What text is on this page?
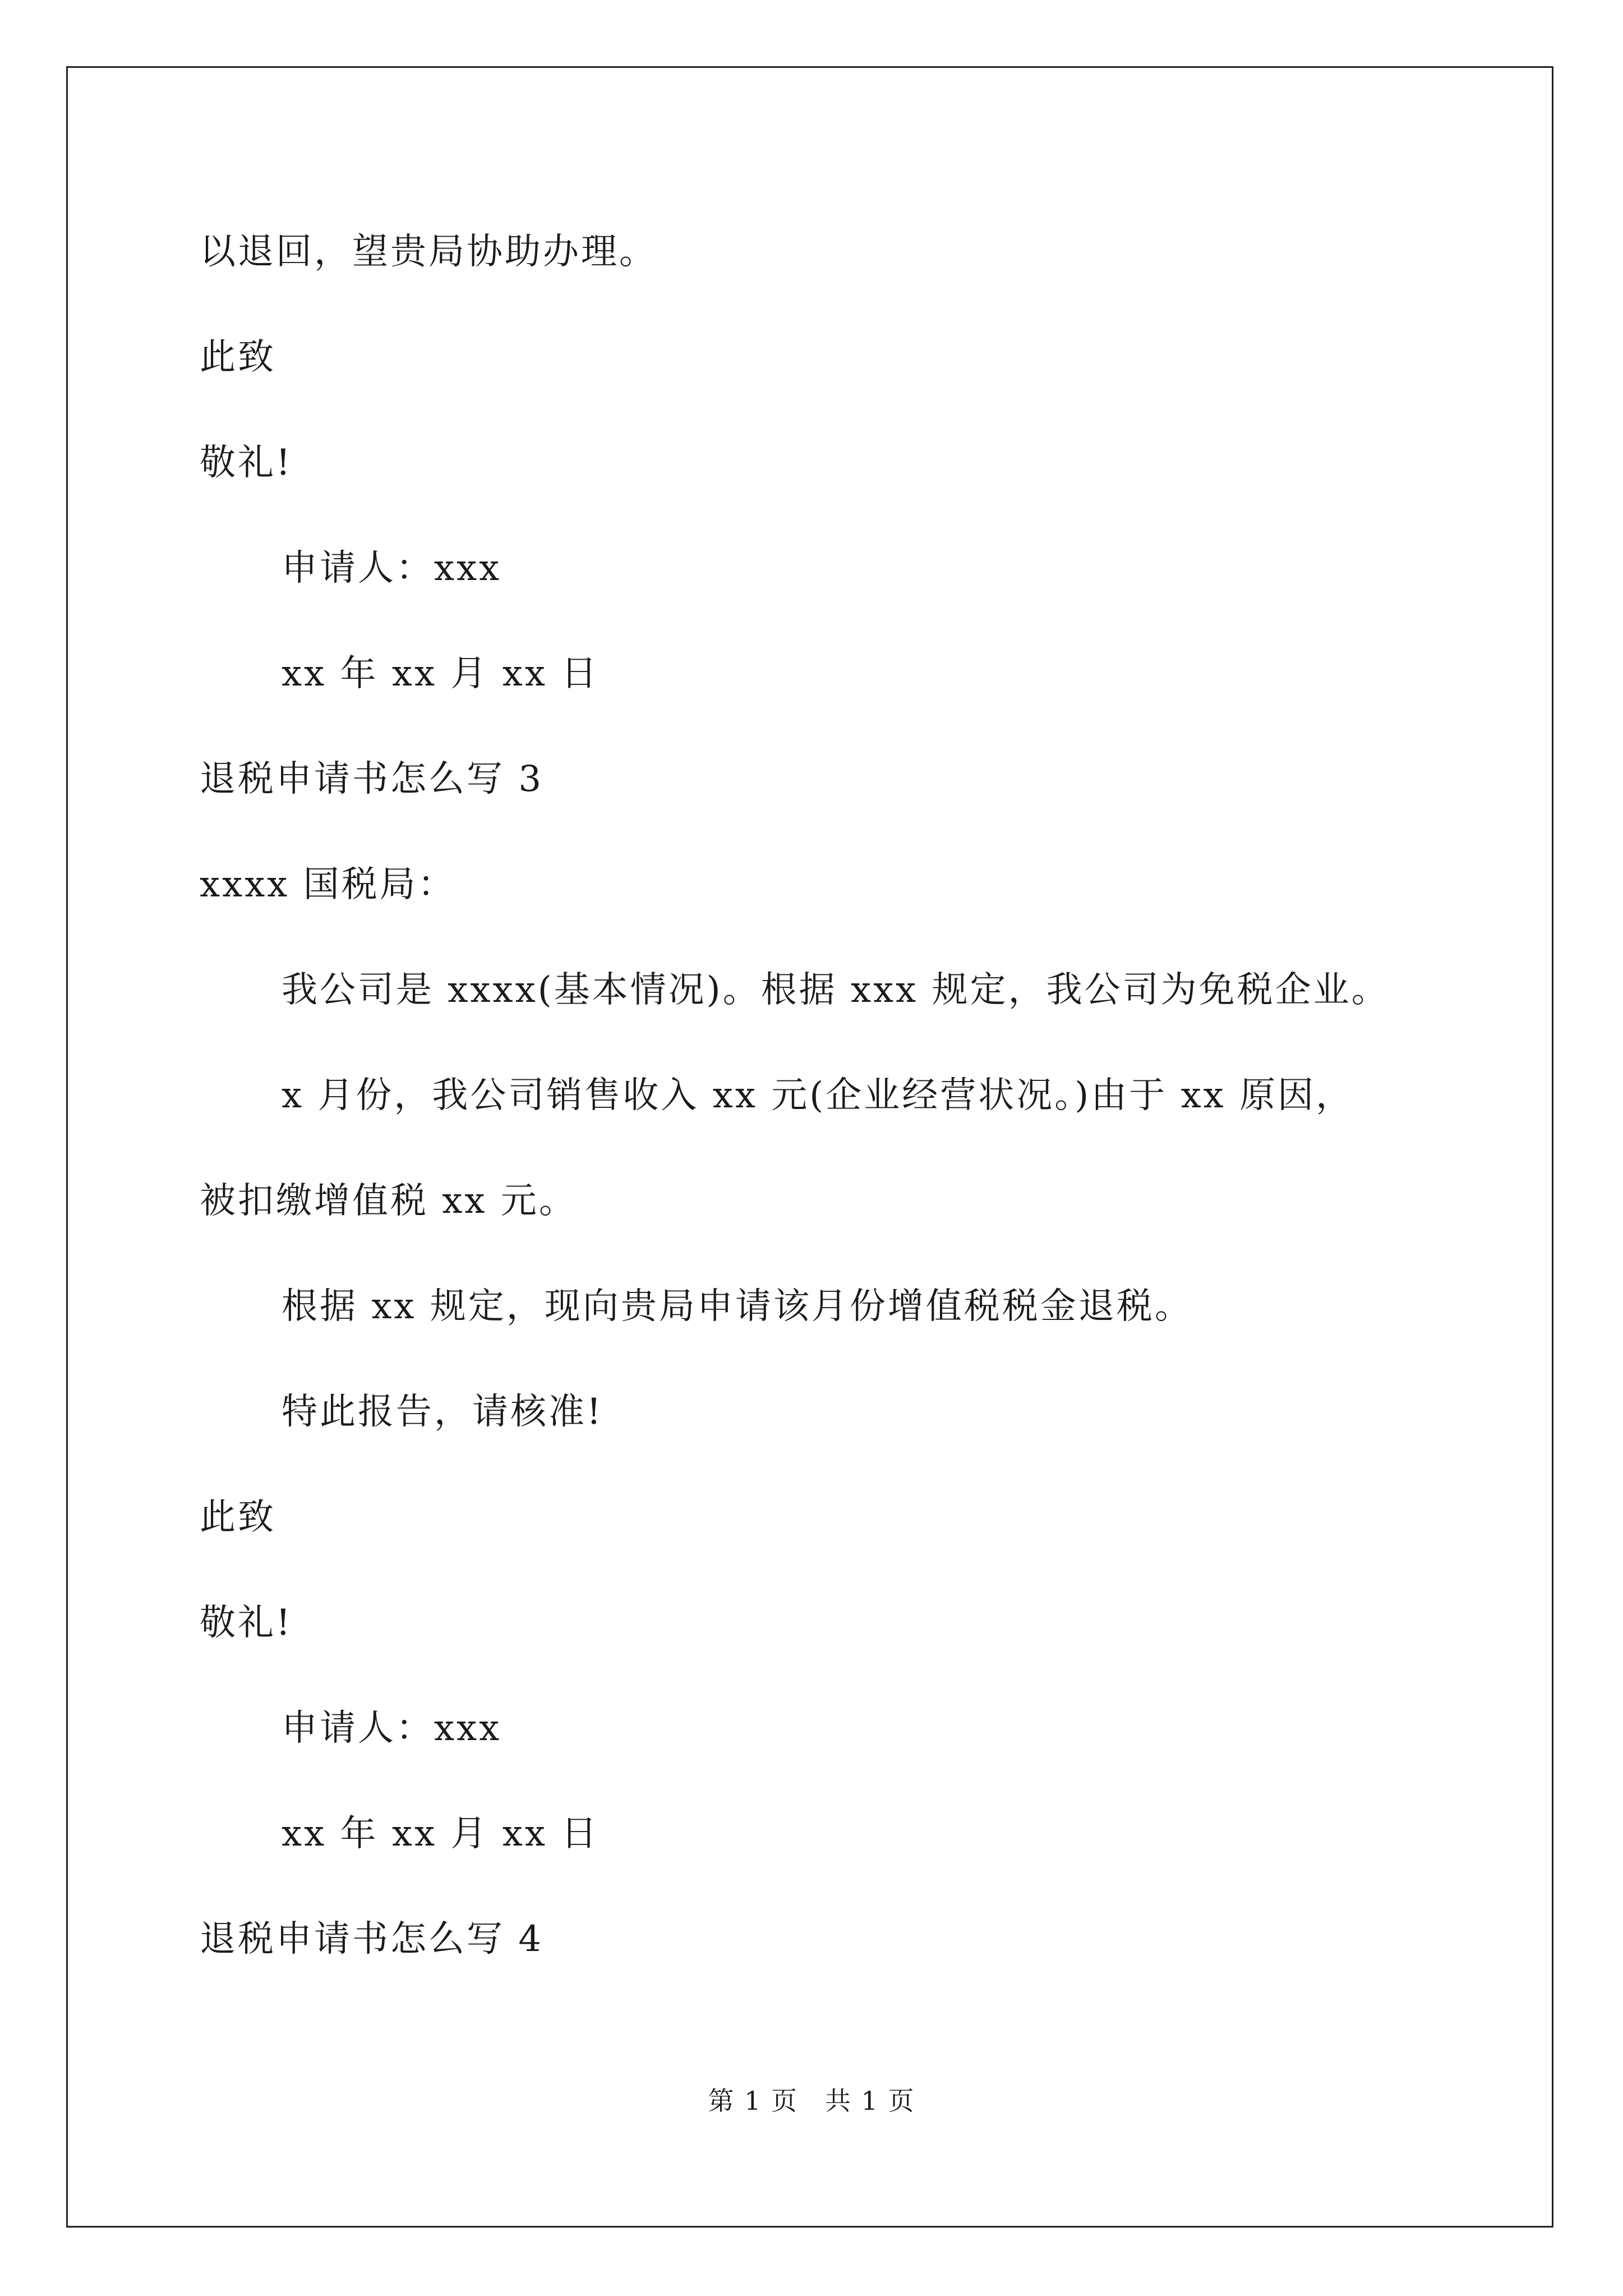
以退回，望贵局协助办理。
此致
敬礼!
申请人：xxx
xx 年 xx 月 xx 日
退税申请书怎么写 3
xxxx 国税局：
我公司是 xxxx(基本情况)。根据 xxx 规定，我公司为免税企业。
x 月份，我公司销售收入 xx 元(企业经营状况。)由于 xx 原因，
被扣缴增值税 xx 元。
根据 xx 规定，现向贵局申请该月份增值税税金退税。
特此报告，请核准!
此致
敬礼!
申请人：xxx
xx 年 xx 月 xx 日
退税申请书怎么写 4
第 1 页　共 1 页
